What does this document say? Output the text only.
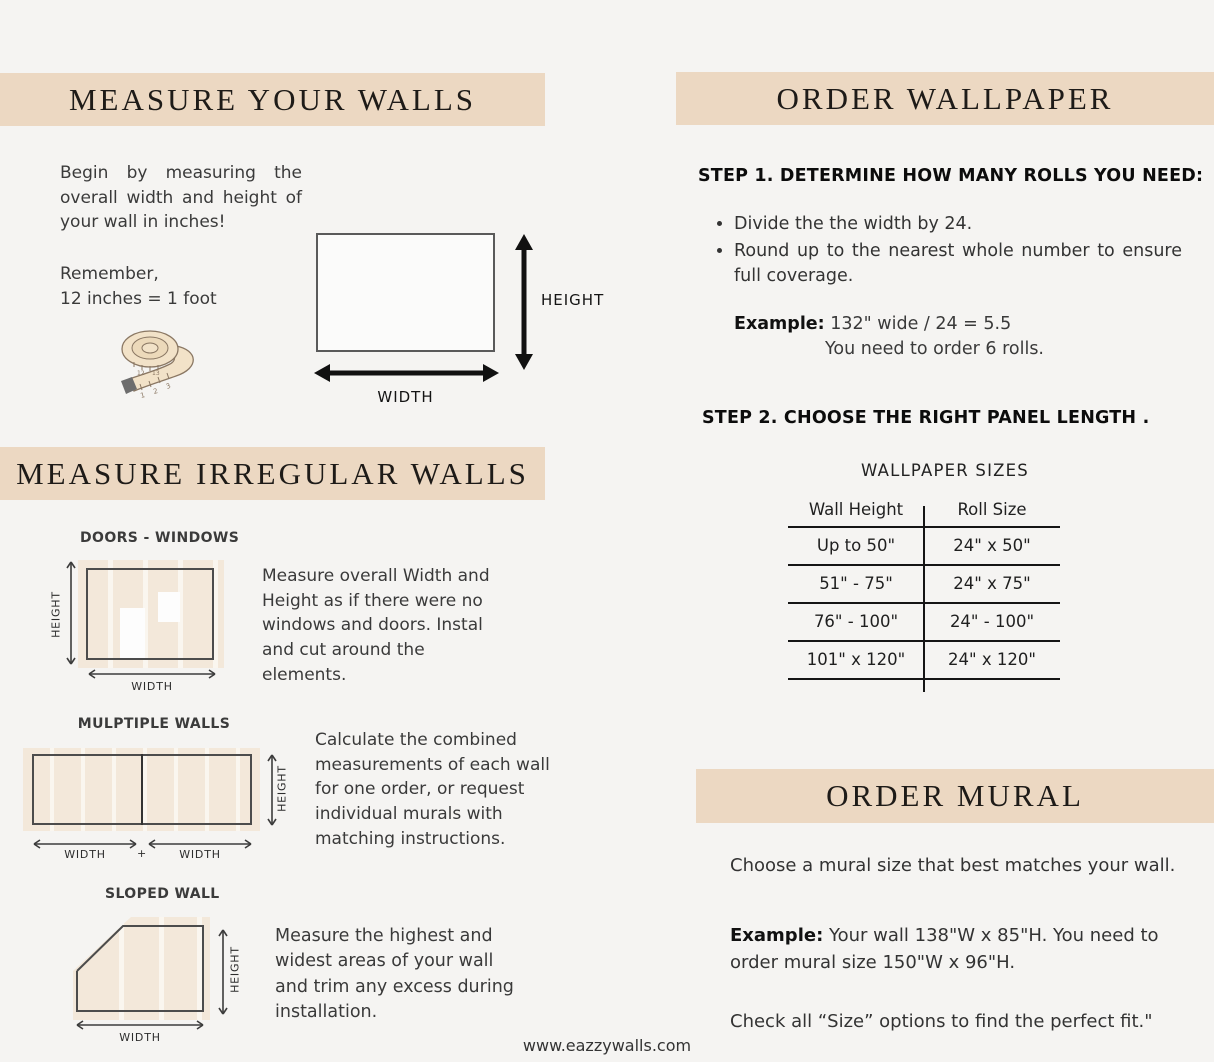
MEASURE YOUR WALLS
Begin by measuring the overall width and height of your wall in inches!
Remember,
12 inches = 1 foot
1 2
3
12 13
HEIGHT
WIDTH
MEASURE IRREGULAR WALLS
DOORS - WINDOWS
HEIGHT
WIDTH
Measure overall Width and Height as if there were no windows and doors. Instal and cut around the elements.
MULPTIPLE WALLS
HEIGHT
WIDTH	+	WIDTH
Calculate the combined measurements of each wall for one order, or request individual murals with matching instructions.
SLOPED WALL
HEIGHT
WIDTH
Measure the highest and widest areas of your wall and trim any excess during installation.
ORDER WALLPAPER
STEP 1. DETERMINE HOW MANY ROLLS YOU NEED:
• Divide the the width by 24.
• Round up to the nearest whole number to ensure full coverage.
Example: 132" wide / 24 = 5.5
You need to order 6 rolls.
STEP 2. CHOOSE THE RIGHT PANEL LENGTH .
WALLPAPER SIZES
Wall Height	Roll Size
Up to 50"	24" x 50"
51" - 75"	24" x 75"
76" - 100"	24" - 100"
101" x 120"	24" x 120"
ORDER MURAL
Choose a mural size that best matches your wall.
Example: Your wall 138"W x 85"H. You need to order mural size 150"W x 96"H.
Check all “Size” options to find the perfect fit."
www.eazzywalls.com
